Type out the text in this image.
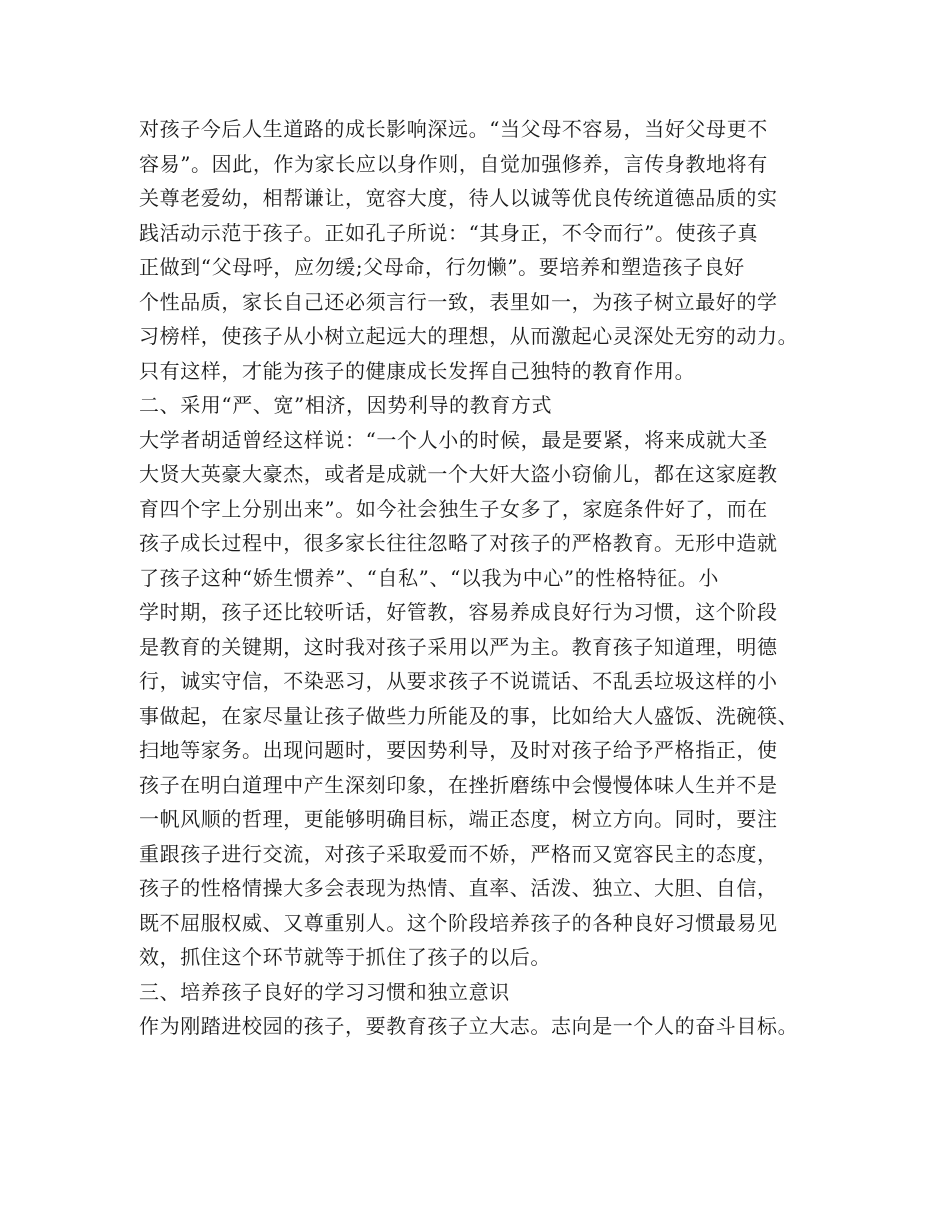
对孩子今后人生道路的成长影响深远。“当父母不容易，当好父母更不
容易”。因此，作为家长应以身作则，自觉加强修养，言传身教地将有
关尊老爱幼，相帮谦让，宽容大度，待人以诚等优良传统道德品质的实
践活动示范于孩子。正如孔子所说：“其身正，不令而行”。使孩子真
正做到“父母呼，应勿缓;父母命，行勿懒”。要培养和塑造孩子良好
个性品质，家长自己还必须言行一致，表里如一，为孩子树立最好的学
习榜样，使孩子从小树立起远大的理想，从而激起心灵深处无穷的动力。
只有这样，才能为孩子的健康成长发挥自己独特的教育作用。
二、采用“严、宽”相济，因势利导的教育方式
大学者胡适曾经这样说：“一个人小的时候，最是要紧，将来成就大圣
大贤大英豪大豪杰，或者是成就一个大奸大盗小窃偷儿，都在这家庭教
育四个字上分别出来”。如今社会独生子女多了，家庭条件好了，而在
孩子成长过程中，很多家长往往忽略了对孩子的严格教育。无形中造就
了孩子这种“娇生惯养”、“自私”、“以我为中心”的性格特征。小
学时期，孩子还比较听话，好管教，容易养成良好行为习惯，这个阶段
是教育的关键期，这时我对孩子采用以严为主。教育孩子知道理，明德
行，诚实守信，不染恶习，从要求孩子不说谎话、不乱丢垃圾这样的小
事做起，在家尽量让孩子做些力所能及的事，比如给大人盛饭、洗碗筷、
扫地等家务。出现问题时，要因势利导，及时对孩子给予严格指正，使
孩子在明白道理中产生深刻印象，在挫折磨练中会慢慢体味人生并不是
一帆风顺的哲理，更能够明确目标，端正态度，树立方向。同时，要注
重跟孩子进行交流，对孩子采取爱而不娇，严格而又宽容民主的态度，
孩子的性格情操大多会表现为热情、直率、活泼、独立、大胆、自信，
既不屈服权威、又尊重别人。这个阶段培养孩子的各种良好习惯最易见
效，抓住这个环节就等于抓住了孩子的以后。
三、培养孩子良好的学习习惯和独立意识
作为刚踏进校园的孩子，要教育孩子立大志。志向是一个人的奋斗目标。
